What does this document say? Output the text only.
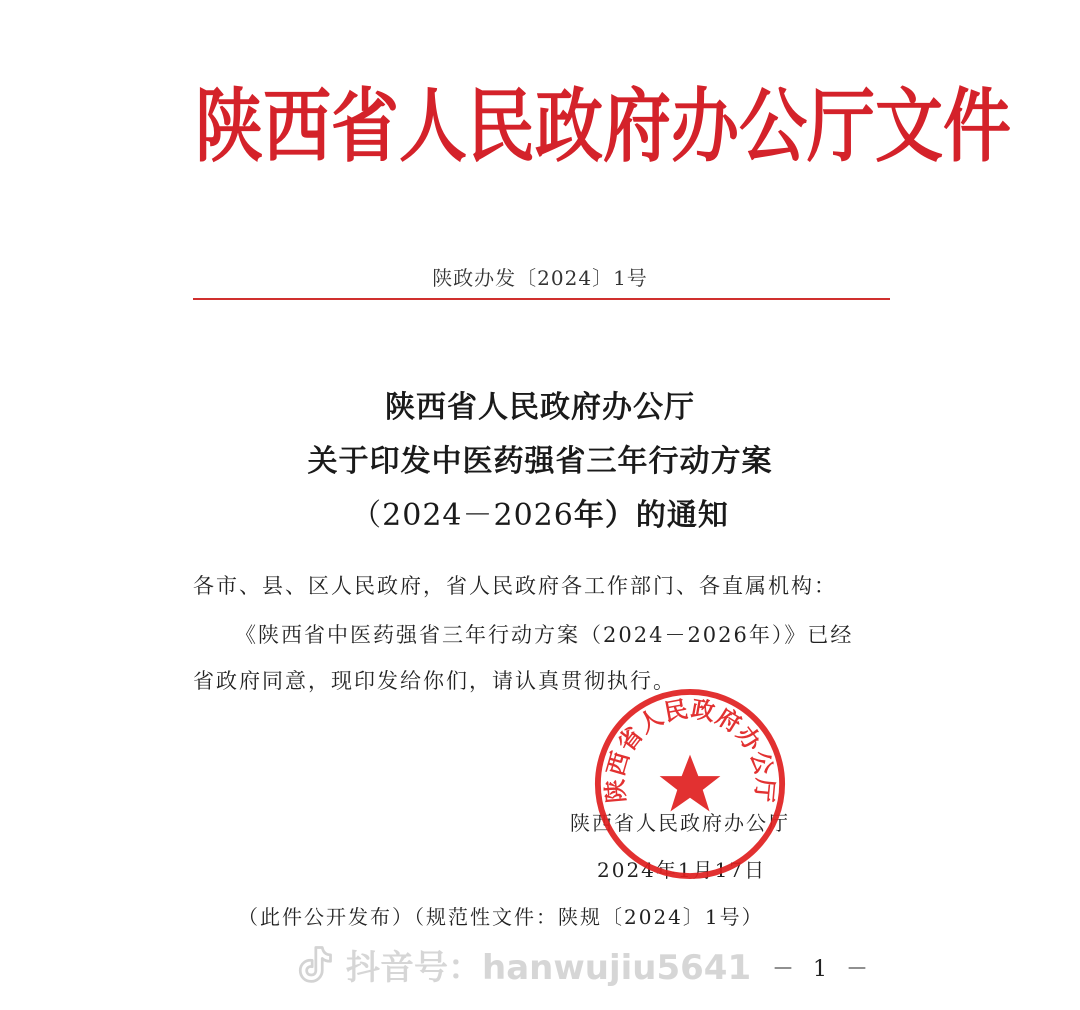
陕西省人民政府办公厅文件
陕政办发〔2024〕1号
陕西省人民政府办公厅
关于印发中医药强省三年行动方案
（2024－2026年）的通知
各市、县、区人民政府，省人民政府各工作部门、各直属机构：
《陕西省中医药强省三年行动方案（2024－2026年）》已经
省政府同意，现印发给你们，请认真贯彻执行。
陕西省人民政府办公厅
2024年1月17日
陕西省人民政府办公厅
（此件公开发布）（规范性文件：陕规〔2024〕1号）
－ 1 －
抖音号：hanwujiu5641
